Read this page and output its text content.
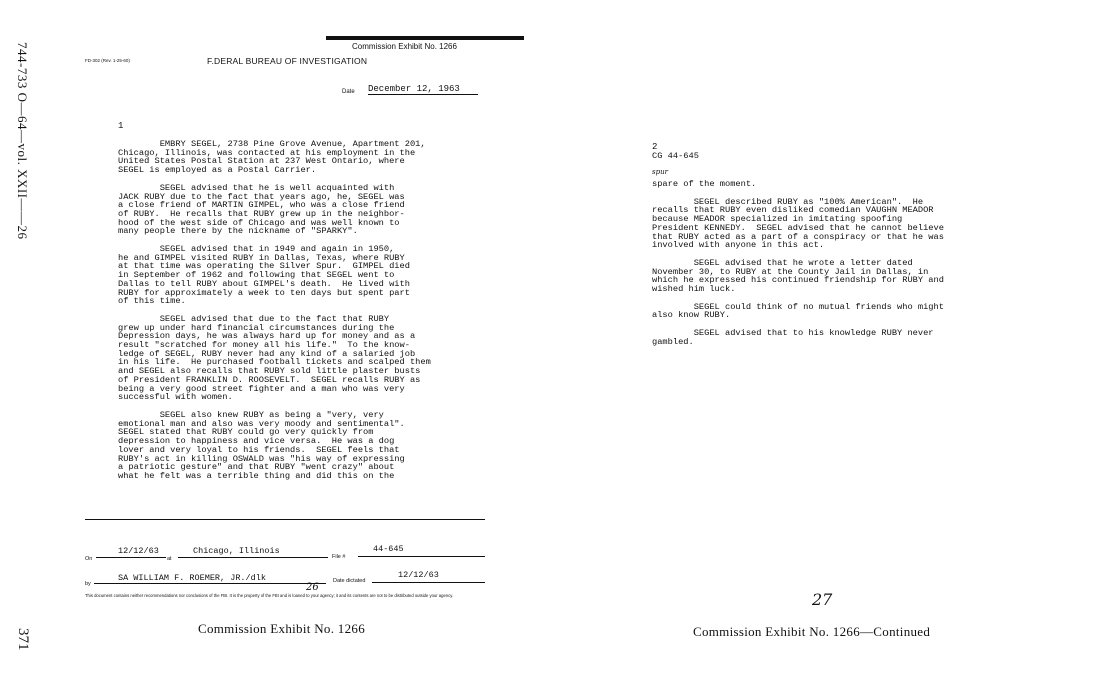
744-733 O—64—vol. XXII——26
371
Commission Exhibit No. 1266
FD-302 (Rev. 1-25-60)	F.DERAL BUREAU OF INVESTIGATION
Date December 12, 1963
1
EMBRY SEGEL, 2738 Pine Grove Avenue, Apartment 201,
Chicago, Illinois, was contacted at his employment in the
United States Postal Station at 237 West Ontario, where
SEGEL is employed as a Postal Carrier.
SEGEL advised that he is well acquainted with
JACK RUBY due to the fact that years ago, he, SEGEL was
a close friend of MARTIN GIMPEL, who was a close friend
of RUBY.  He recalls that RUBY grew up in the neighbor-
hood of the west side of Chicago and was well known to
many people there by the nickname of "SPARKY".
SEGEL advised that in 1949 and again in 1950,
he and GIMPEL visited RUBY in Dallas, Texas, where RUBY
at that time was operating the Silver Spur.  GIMPEL died
in September of 1962 and following that SEGEL went to
Dallas to tell RUBY about GIMPEL's death.  He lived with
RUBY for approximately a week to ten days but spent part
of this time.
SEGEL advised that due to the fact that RUBY
grew up under hard financial circumstances during the
Depression days, he was always hard up for money and as a
result "scratched for money all his life."  To the know-
ledge of SEGEL, RUBY never had any kind of a salaried job
in his life.  He purchased football tickets and scalped them
and SEGEL also recalls that RUBY sold little plaster busts
of President FRANKLIN D. ROOSEVELT.  SEGEL recalls RUBY as
being a very good street fighter and a man who was very
successful with women.
SEGEL also knew RUBY as being a "very, very
emotional man and also was very moody and sentimental".
SEGEL stated that RUBY could go very quickly from
depression to happiness and vice versa.  He was a dog
lover and very loyal to his friends.  SEGEL feels that
RUBY's act in killing OSWALD was "his way of expressing
a patriotic gesture" and that RUBY "went crazy" about
what he felt was a terrible thing and did this on the
On
12/12/63
at
Chicago, Illinois
File #
44-645
by
SA WILLIAM F. ROEMER, JR./dlk	Date dictated
12/12/63
26
This document contains neither recommendations nor conclusions of the FBI. It is the property of the FBI and is loaned to your agency; it and its contents are not to be distributed outside your agency.
Commission Exhibit No. 1266
2
CG 44-645
spur
spare of the moment.
SEGEL described RUBY as "100% American".  He
recalls that RUBY even disliked comedian VAUGHN MEADOR
because MEADOR specialized in imitating spoofing
President KENNEDY.  SEGEL advised that he cannot believe
that RUBY acted as a part of a conspiracy or that he was
involved with anyone in this act.
SEGEL advised that he wrote a letter dated
November 30, to RUBY at the County Jail in Dallas, in
which he expressed his continued friendship for RUBY and
wished him luck.
SEGEL could think of no mutual friends who might
also know RUBY.
SEGEL advised that to his knowledge RUBY never
gambled.
27
Commission Exhibit No. 1266—Continued
